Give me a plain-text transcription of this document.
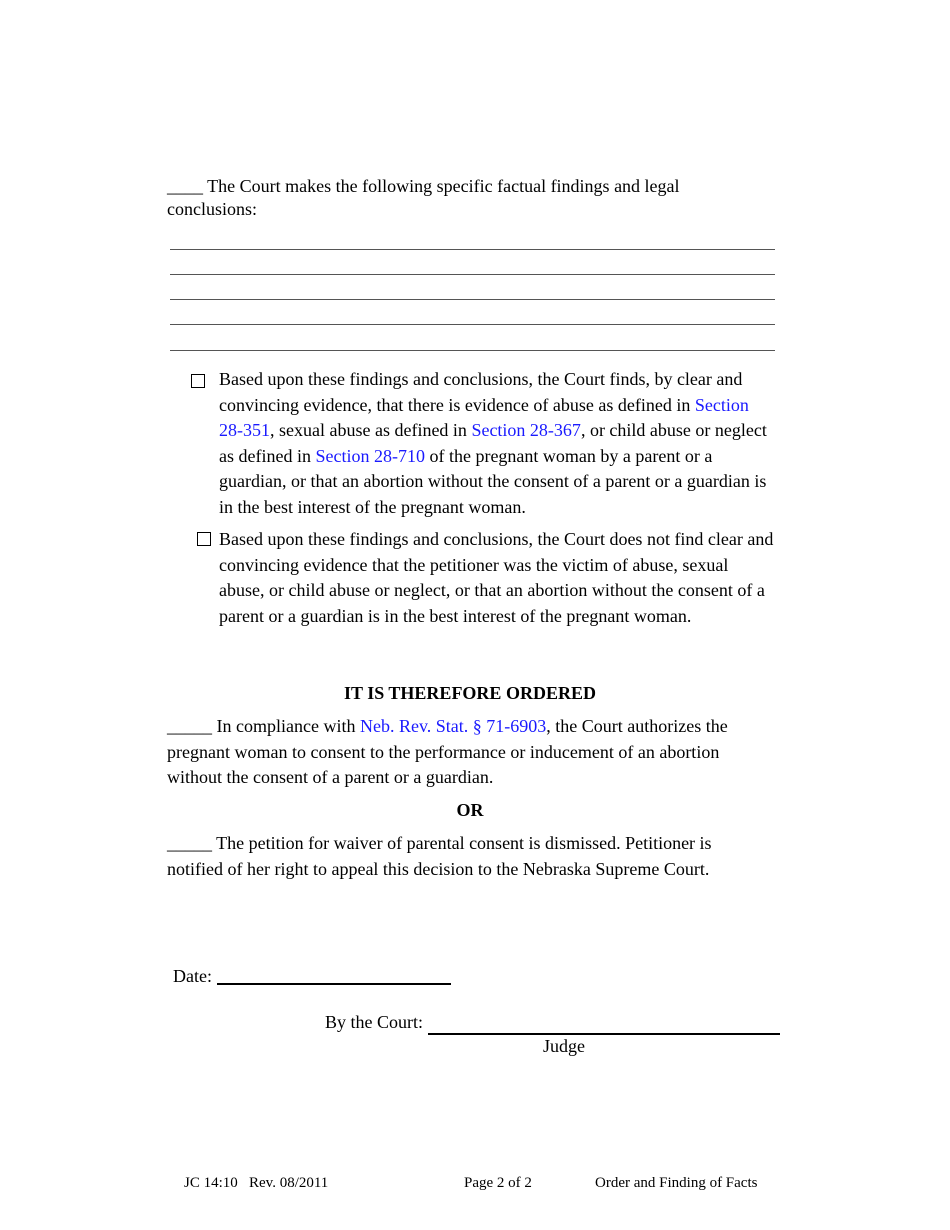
____ The Court makes the following specific factual findings and legal conclusions:
Based upon these findings and conclusions, the Court finds, by clear and convincing evidence, that there is evidence of abuse as defined in Section 28-351, sexual abuse as defined in Section 28-367, or child abuse or neglect as defined in Section 28-710 of the pregnant woman by a parent or a guardian, or that an abortion without the consent of a parent or a guardian is in the best interest of the pregnant woman.
Based upon these findings and conclusions, the Court does not find clear and convincing evidence that the petitioner was the victim of abuse, sexual abuse, or child abuse or neglect, or that an abortion without the consent of a parent or a guardian is in the best interest of the pregnant woman.
IT IS THEREFORE ORDERED
_____ In compliance with Neb. Rev. Stat. § 71-6903, the Court authorizes the pregnant woman to consent to the performance or inducement of an abortion without the consent of a parent or a guardian.
OR
_____ The petition for waiver of parental consent is dismissed. Petitioner is notified of her right to appeal this decision to the Nebraska Supreme Court.
Date:
By the Court:
Judge
JC 14:10   Rev. 08/2011	Page 2 of 2	Order and Finding of Facts
